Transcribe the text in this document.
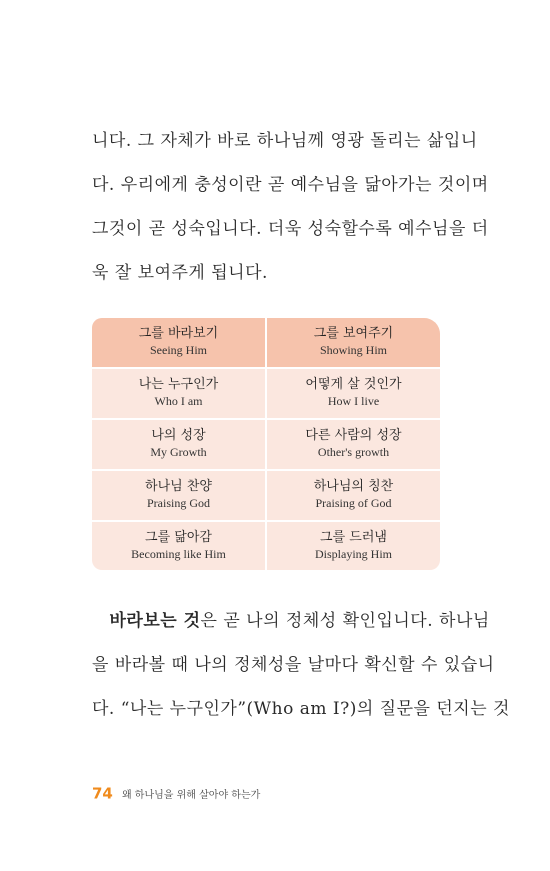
니다. 그 자체가 바로 하나님께 영광 돌리는 삶입니
다. 우리에게 충성이란 곧 예수님을 닮아가는 것이며
그것이 곧 성숙입니다. 더욱 성숙할수록 예수님을 더
욱 잘 보여주게 됩니다.
그를 바라보기
Seeing Him
그를 보여주기
Showing Him
나는 누구인가
Who I am
어떻게 살 것인가
How I live
나의 성장
My Growth
다른 사람의 성장
Other's growth
하나님 찬양
Praising God
하나님의 칭찬
Praising of God
그를 닮아감
Becoming like Him
그를 드러냄
Displaying Him
 바라보는 것은 곧 나의 정체성 확인입니다. 하나님
을 바라볼 때 나의 정체성을 날마다 확신할 수 있습니
다. “나는 누구인가”(Who am I?)의 질문을 던지는 것
74 왜 하나님을 위해 살아야 하는가
